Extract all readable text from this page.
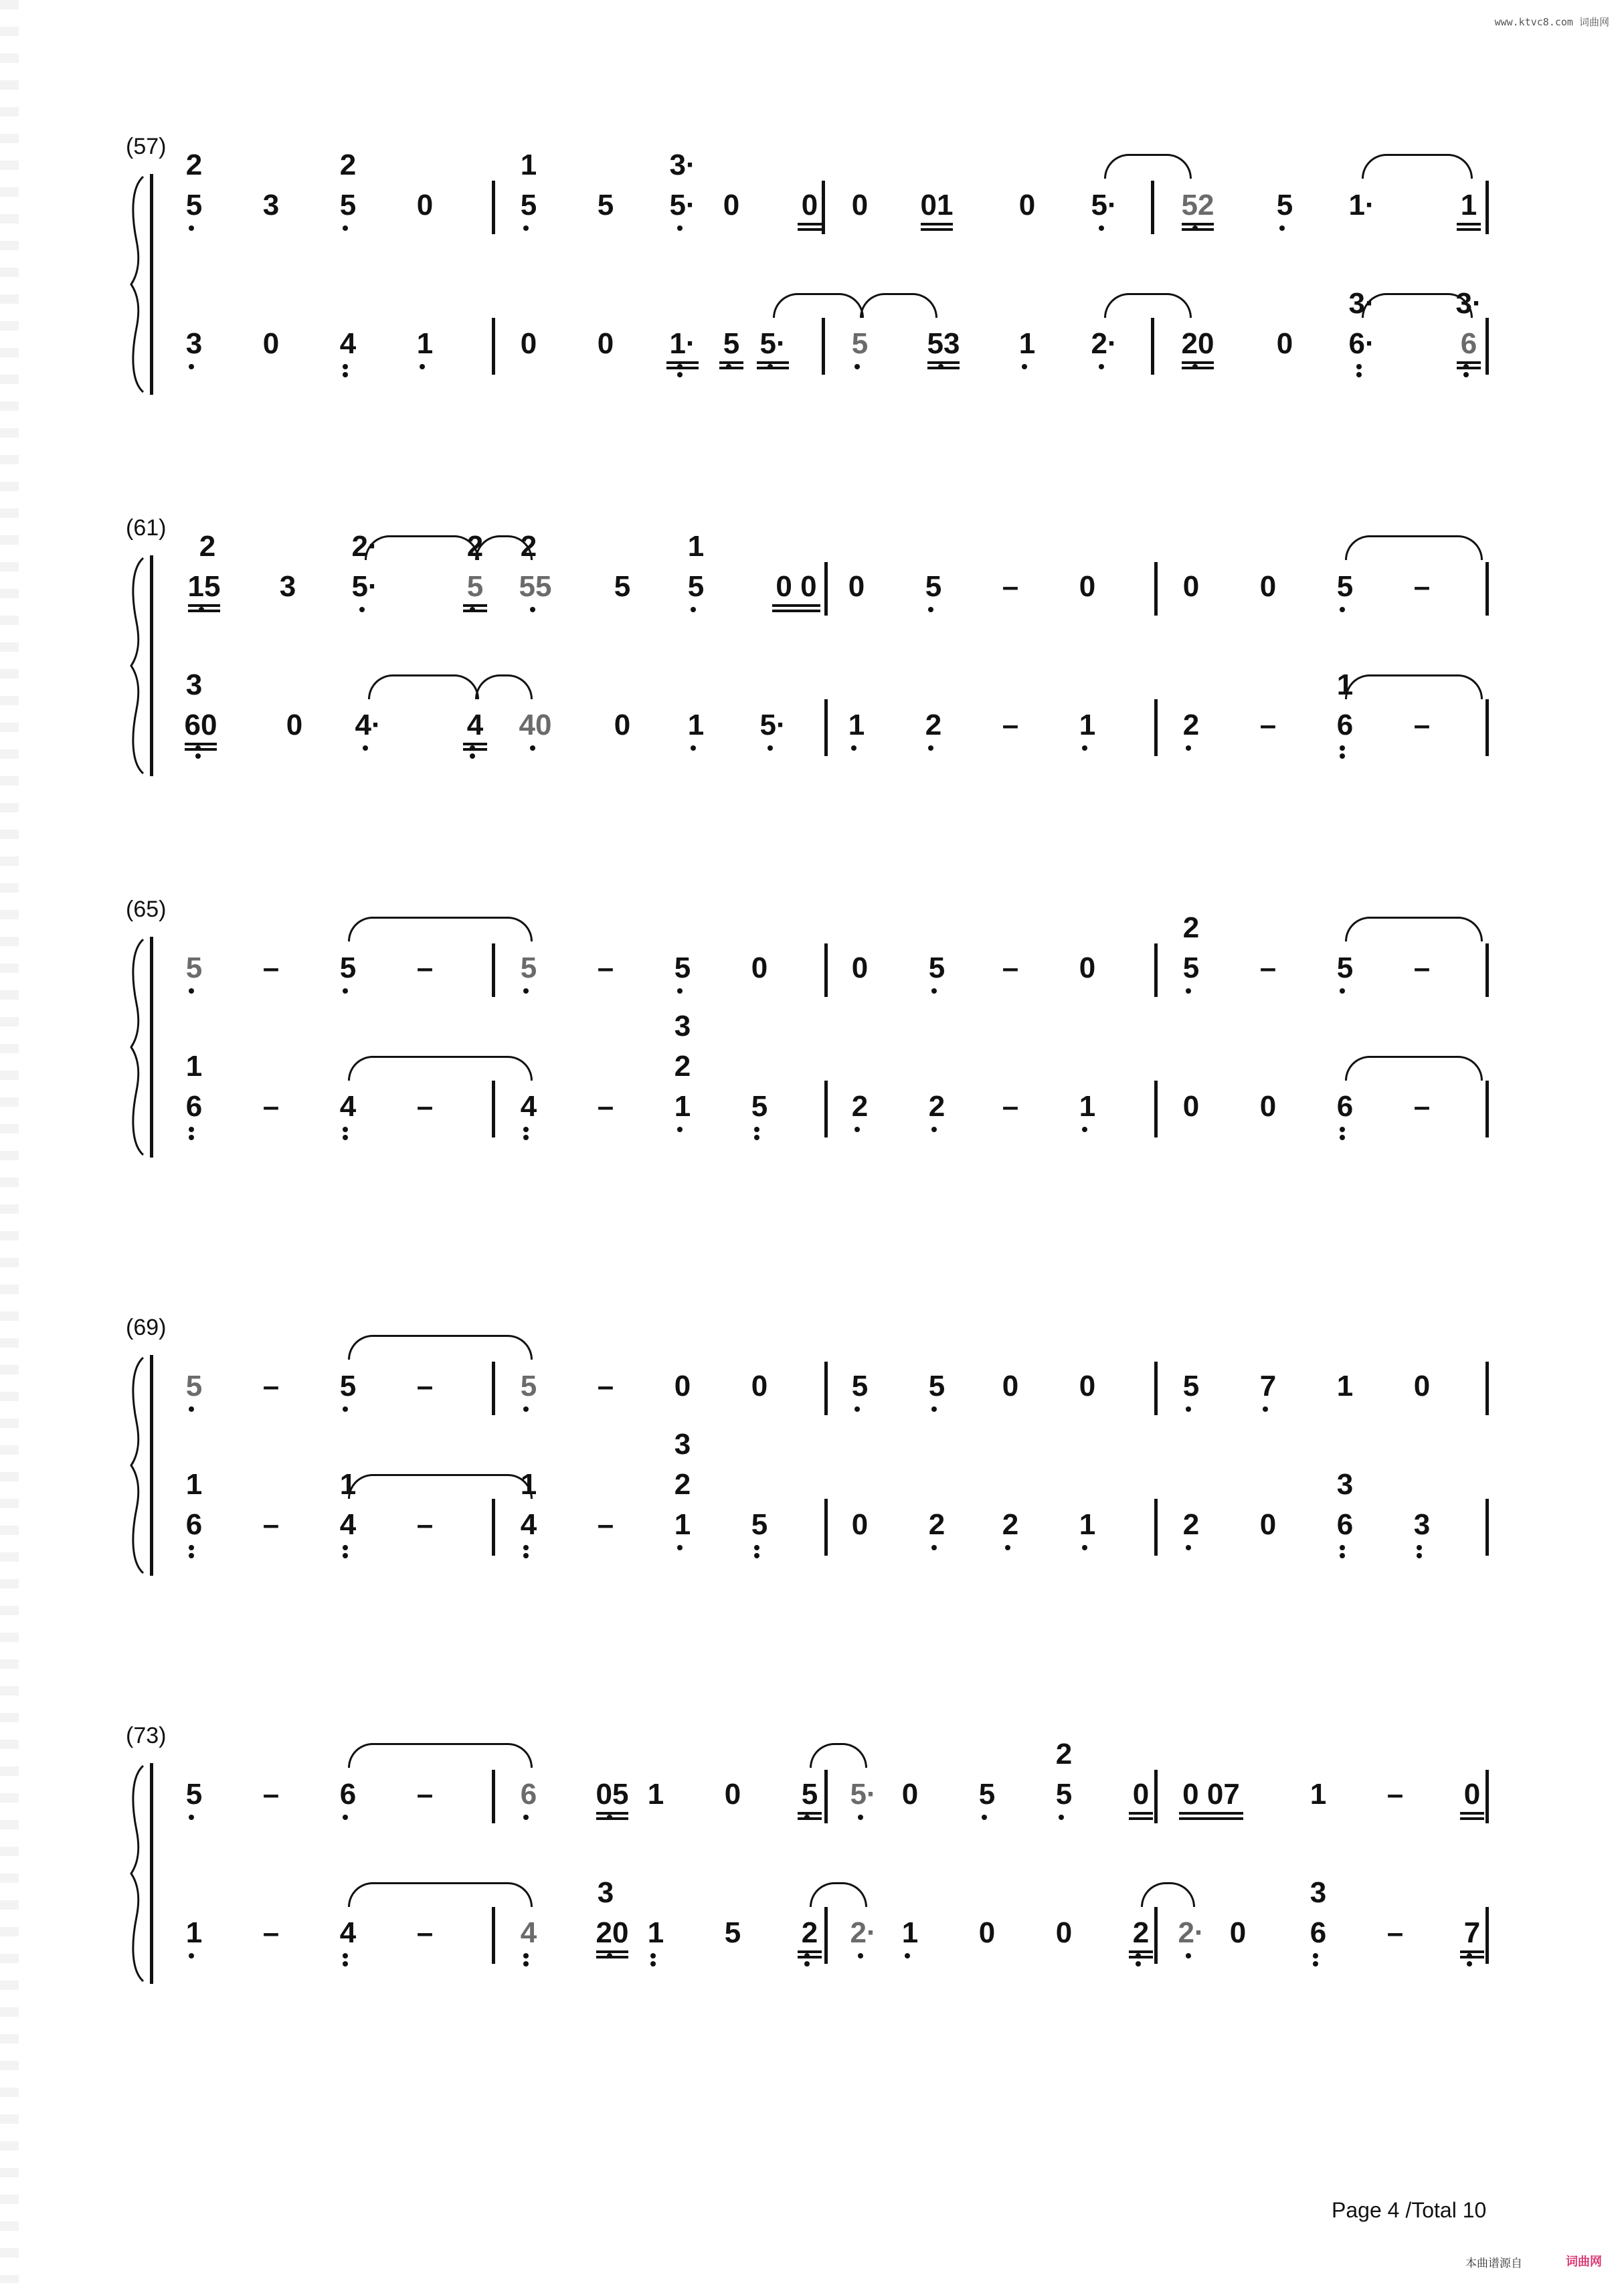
www.ktvc8.com 词曲网
(57)
5 3 5 0	5 5 5· 0 0 0 01 0 5· 52 5 1·	1
2	2	1	3·
3 0 4 1	0 0 1· 5 5· 5 53 1 2· 20 0 6·	6
3·	3·
(61)
15 3 5·	5 55 5 5 0 0 0 5 – 0	0 0 5 –
2	2·	2 2	1
60 0 4·	4 40 0 1 5· 1 2 – 1	2 – 6 –
3	1
(65)
5 – 5 –	5 – 5 0	0 5 – 0	5 – 5 –
2
6 – 4 –	4 – 1 5	2 2 – 1	0 0 6 –
1	2
3
(69)
5 – 5 –	5 – 0 0	5 5 0 0	5 7 1 0
6 – 4 –	4 – 1 5	0 2 2 1	2 0 6 3
1	1	1	2
3
3
(73)
5 – 6 –	6 05 1 0 5 5· 0 5 5 0 0 07 1 – 0
2
1 – 4 –	4 20 1 5 2 2· 1 0 0 2 2· 0 6 – 7
3	3
Page 4 /Total 10
本曲谱源自	词曲网
